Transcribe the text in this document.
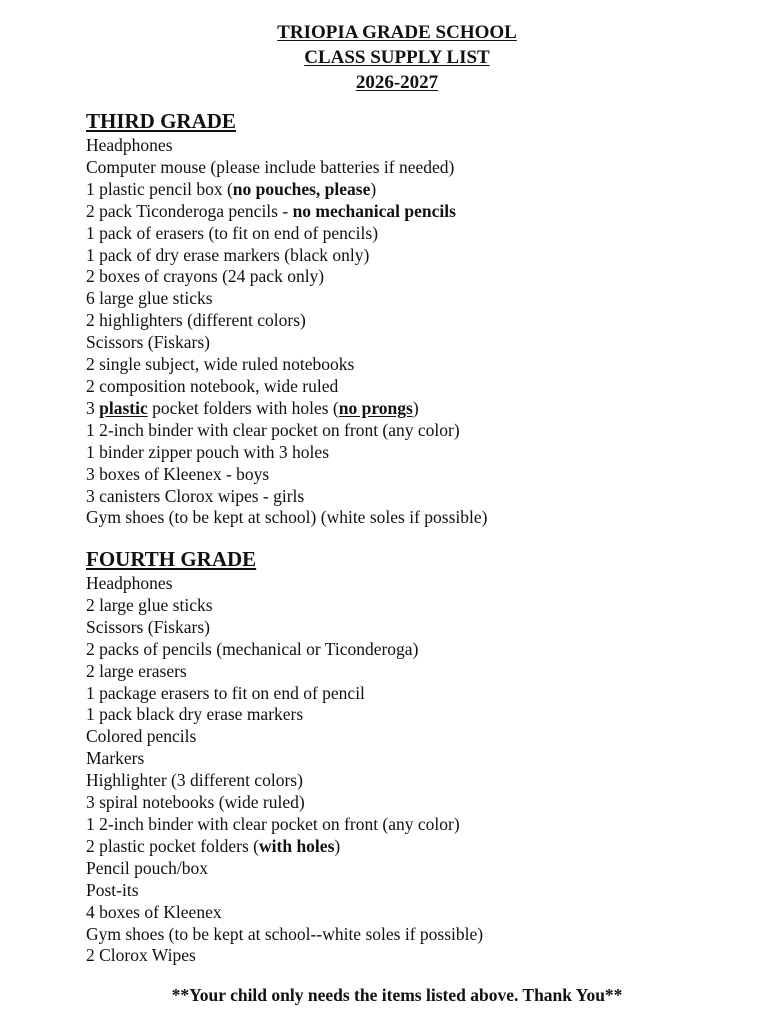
TRIOPIA GRADE SCHOOL
CLASS SUPPLY LIST
2026-2027
THIRD GRADE
Headphones
Computer mouse (please include batteries if needed)
1 plastic pencil box (no pouches, please)
2 pack Ticonderoga pencils - no mechanical pencils
1 pack of erasers (to fit on end of pencils)
1 pack of dry erase markers (black only)
2 boxes of crayons (24 pack only)
6 large glue sticks
2 highlighters (different colors)
Scissors (Fiskars)
2 single subject, wide ruled notebooks
2 composition notebook, wide ruled
3 plastic pocket folders with holes (no prongs)
1 2-inch binder with clear pocket on front (any color)
1 binder zipper pouch with 3 holes
3 boxes of Kleenex - boys
3 canisters Clorox wipes - girls
Gym shoes (to be kept at school) (white soles if possible)
FOURTH GRADE
Headphones
2 large glue sticks
Scissors (Fiskars)
2 packs of pencils (mechanical or Ticonderoga)
2 large erasers
1 package erasers to fit on end of pencil
1 pack black dry erase markers
Colored pencils
Markers
Highlighter (3 different colors)
3 spiral notebooks (wide ruled)
1 2-inch binder with clear pocket on front (any color)
2 plastic pocket folders (with holes)
Pencil pouch/box
Post-its
4 boxes of Kleenex
Gym shoes (to be kept at school--white soles if possible)
2 Clorox Wipes
**Your child only needs the items listed above. Thank You**
